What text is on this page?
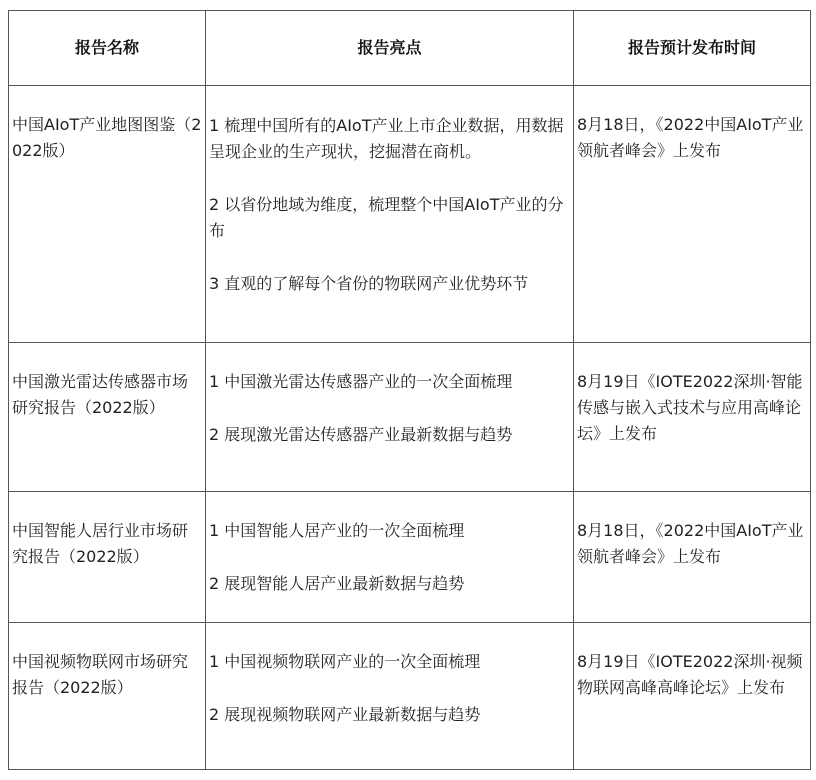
报告名称	报告亮点	报告预计发布时间

中国AIoT产业地图图鉴（2022版）	1 梳理中国所有的AIoT产业上市企业数据，用数据呈现企业的生产现状，挖掘潜在商机。
2 以省份地域为维度，梳理整个中国AIoT产业的分布
3 直观的了解每个省份的物联网产业优势环节	8月18日，《2022中国AIoT产业领航者峰会》上发布

中国激光雷达传感器市场研究报告（2022版）	1 中国激光雷达传感器产业的一次全面梳理
2 展现激光雷达传感器产业最新数据与趋势	8月19日《IOTE2022深圳·智能传感与嵌入式技术与应用高峰论坛》上发布

中国智能人居行业市场研究报告（2022版）	1 中国智能人居产业的一次全面梳理
2 展现智能人居产业最新数据与趋势	8月18日，《2022中国AIoT产业领航者峰会》上发布

中国视频物联网市场研究报告（2022版）	1 中国视频物联网产业的一次全面梳理
2 展现视频物联网产业最新数据与趋势	8月19日《IOTE2022深圳·视频物联网高峰高峰论坛》上发布
